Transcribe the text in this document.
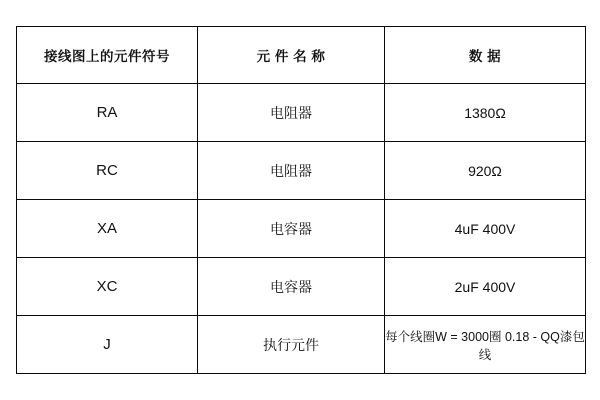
接线图上的元件符号	元 件 名 称	数 据
RA	电阻器	1380Ω
RC	电阻器	920Ω
XA	电容器	4uF 400V
XC	电容器	2uF 400V
J	执行元件	每个线圈W = 3000圈 0.18 - QQ漆包线
